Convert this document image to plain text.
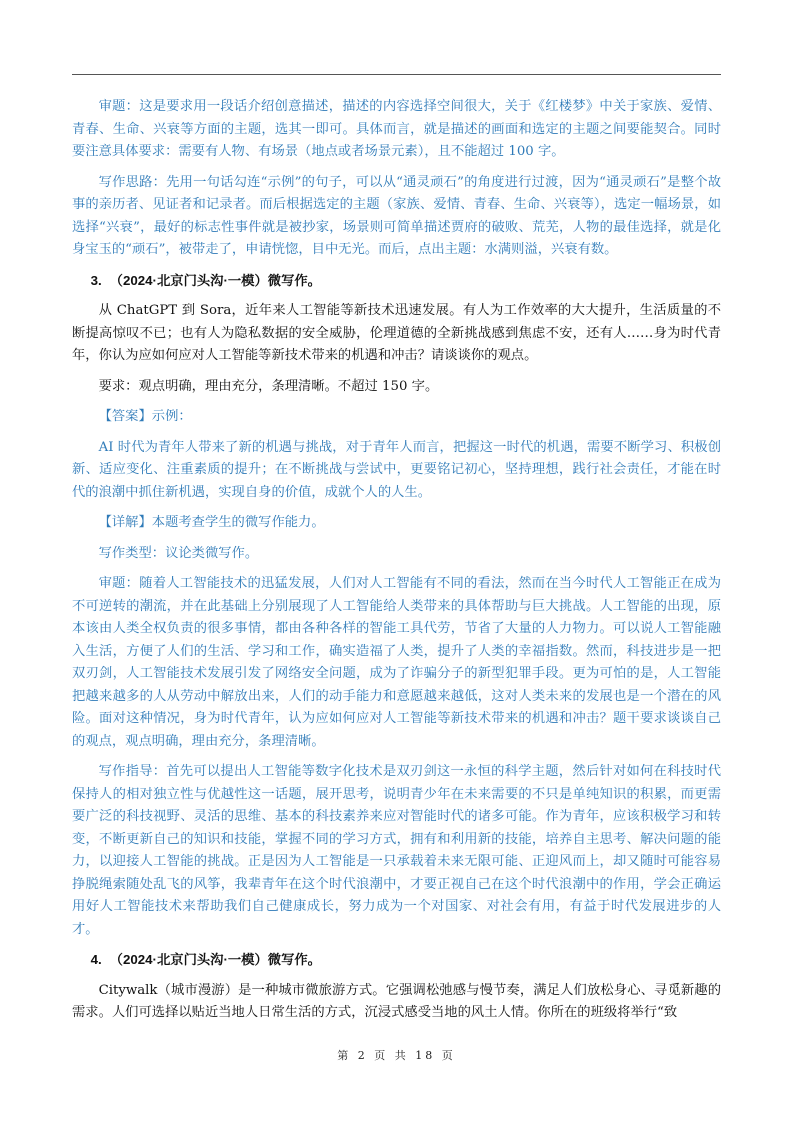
审题：这是要求用一段话介绍创意描述，描述的内容选择空间很大，关于《红楼梦》中关于家族、爱情、青春、生命、兴衰等方面的主题，选其一即可。具体而言，就是描述的画面和选定的主题之间要能契合。同时要注意具体要求：需要有人物、有场景（地点或者场景元素），且不能超过 100 字。

写作思路：先用一句话勾连“示例”的句子，可以从“通灵顽石”的角度进行过渡，因为“通灵顽石”是整个故事的亲历者、见证者和记录者。而后根据选定的主题（家族、爱情、青春、生命、兴衰等），选定一幅场景，如选择“兴衰”，最好的标志性事件就是被抄家，场景则可简单描述贾府的破败、荒芜，人物的最佳选择，就是化身宝玉的“顽石”，被带走了，申请恍惚，目中无光。而后，点出主题：水满则溢，兴衰有数。

3. （2024·北京门头沟·一模）微写作。

从 ChatGPT 到 Sora，近年来人工智能等新技术迅速发展。有人为工作效率的大大提升，生活质量的不断提高惊叹不已；也有人为隐私数据的安全威胁，伦理道德的全新挑战感到焦虑不安，还有人……身为时代青年，你认为应如何应对人工智能等新技术带来的机遇和冲击？请谈谈你的观点。

要求：观点明确，理由充分，条理清晰。不超过 150 字。

【答案】示例：

AI 时代为青年人带来了新的机遇与挑战，对于青年人而言，把握这一时代的机遇，需要不断学习、积极创新、适应变化、注重素质的提升；在不断挑战与尝试中，更要铭记初心，坚持理想，践行社会责任，才能在时代的浪潮中抓住新机遇，实现自身的价值，成就个人的人生。

【详解】本题考查学生的微写作能力。

写作类型：议论类微写作。

审题：随着人工智能技术的迅猛发展，人们对人工智能有不同的看法，然而在当今时代人工智能正在成为不可逆转的潮流，并在此基础上分别展现了人工智能给人类带来的具体帮助与巨大挑战。人工智能的出现，原本该由人类全权负责的很多事情，都由各种各样的智能工具代劳，节省了大量的人力物力。可以说人工智能融入生活，方便了人们的生活、学习和工作，确实造福了人类，提升了人类的幸福指数。然而，科技进步是一把双刃剑，人工智能技术发展引发了网络安全问题，成为了诈骗分子的新型犯罪手段。更为可怕的是，人工智能把越来越多的人从劳动中解放出来，人们的动手能力和意愿越来越低，这对人类未来的发展也是一个潜在的风险。面对这种情况，身为时代青年，认为应如何应对人工智能等新技术带来的机遇和冲击？题干要求谈谈自己的观点，观点明确，理由充分，条理清晰。

写作指导：首先可以提出人工智能等数字化技术是双刃剑这一永恒的科学主题，然后针对如何在科技时代保持人的相对独立性与优越性这一话题，展开思考，说明青少年在未来需要的不只是单纯知识的积累，而更需要广泛的科技视野、灵活的思维、基本的科技素养来应对智能时代的诸多可能。作为青年，应该积极学习和转变，不断更新自己的知识和技能，掌握不同的学习方式，拥有和利用新的技能，培养自主思考、解决问题的能力，以迎接人工智能的挑战。正是因为人工智能是一只承载着未来无限可能、正迎风而上，却又随时可能容易挣脱绳索随处乱飞的风筝，我辈青年在这个时代浪潮中，才要正视自己在这个时代浪潮中的作用，学会正确运用好人工智能技术来帮助我们自己健康成长，努力成为一个对国家、对社会有用，有益于时代发展进步的人才。

4. （2024·北京门头沟·一模）微写作。

Citywalk（城市漫游）是一种城市微旅游方式。它强调松弛感与慢节奏，满足人们放松身心、寻觅新趣的需求。人们可选择以贴近当地人日常生活的方式，沉浸式感受当地的风土人情。你所在的班级将举行“致

第 2 页 共 18 页
